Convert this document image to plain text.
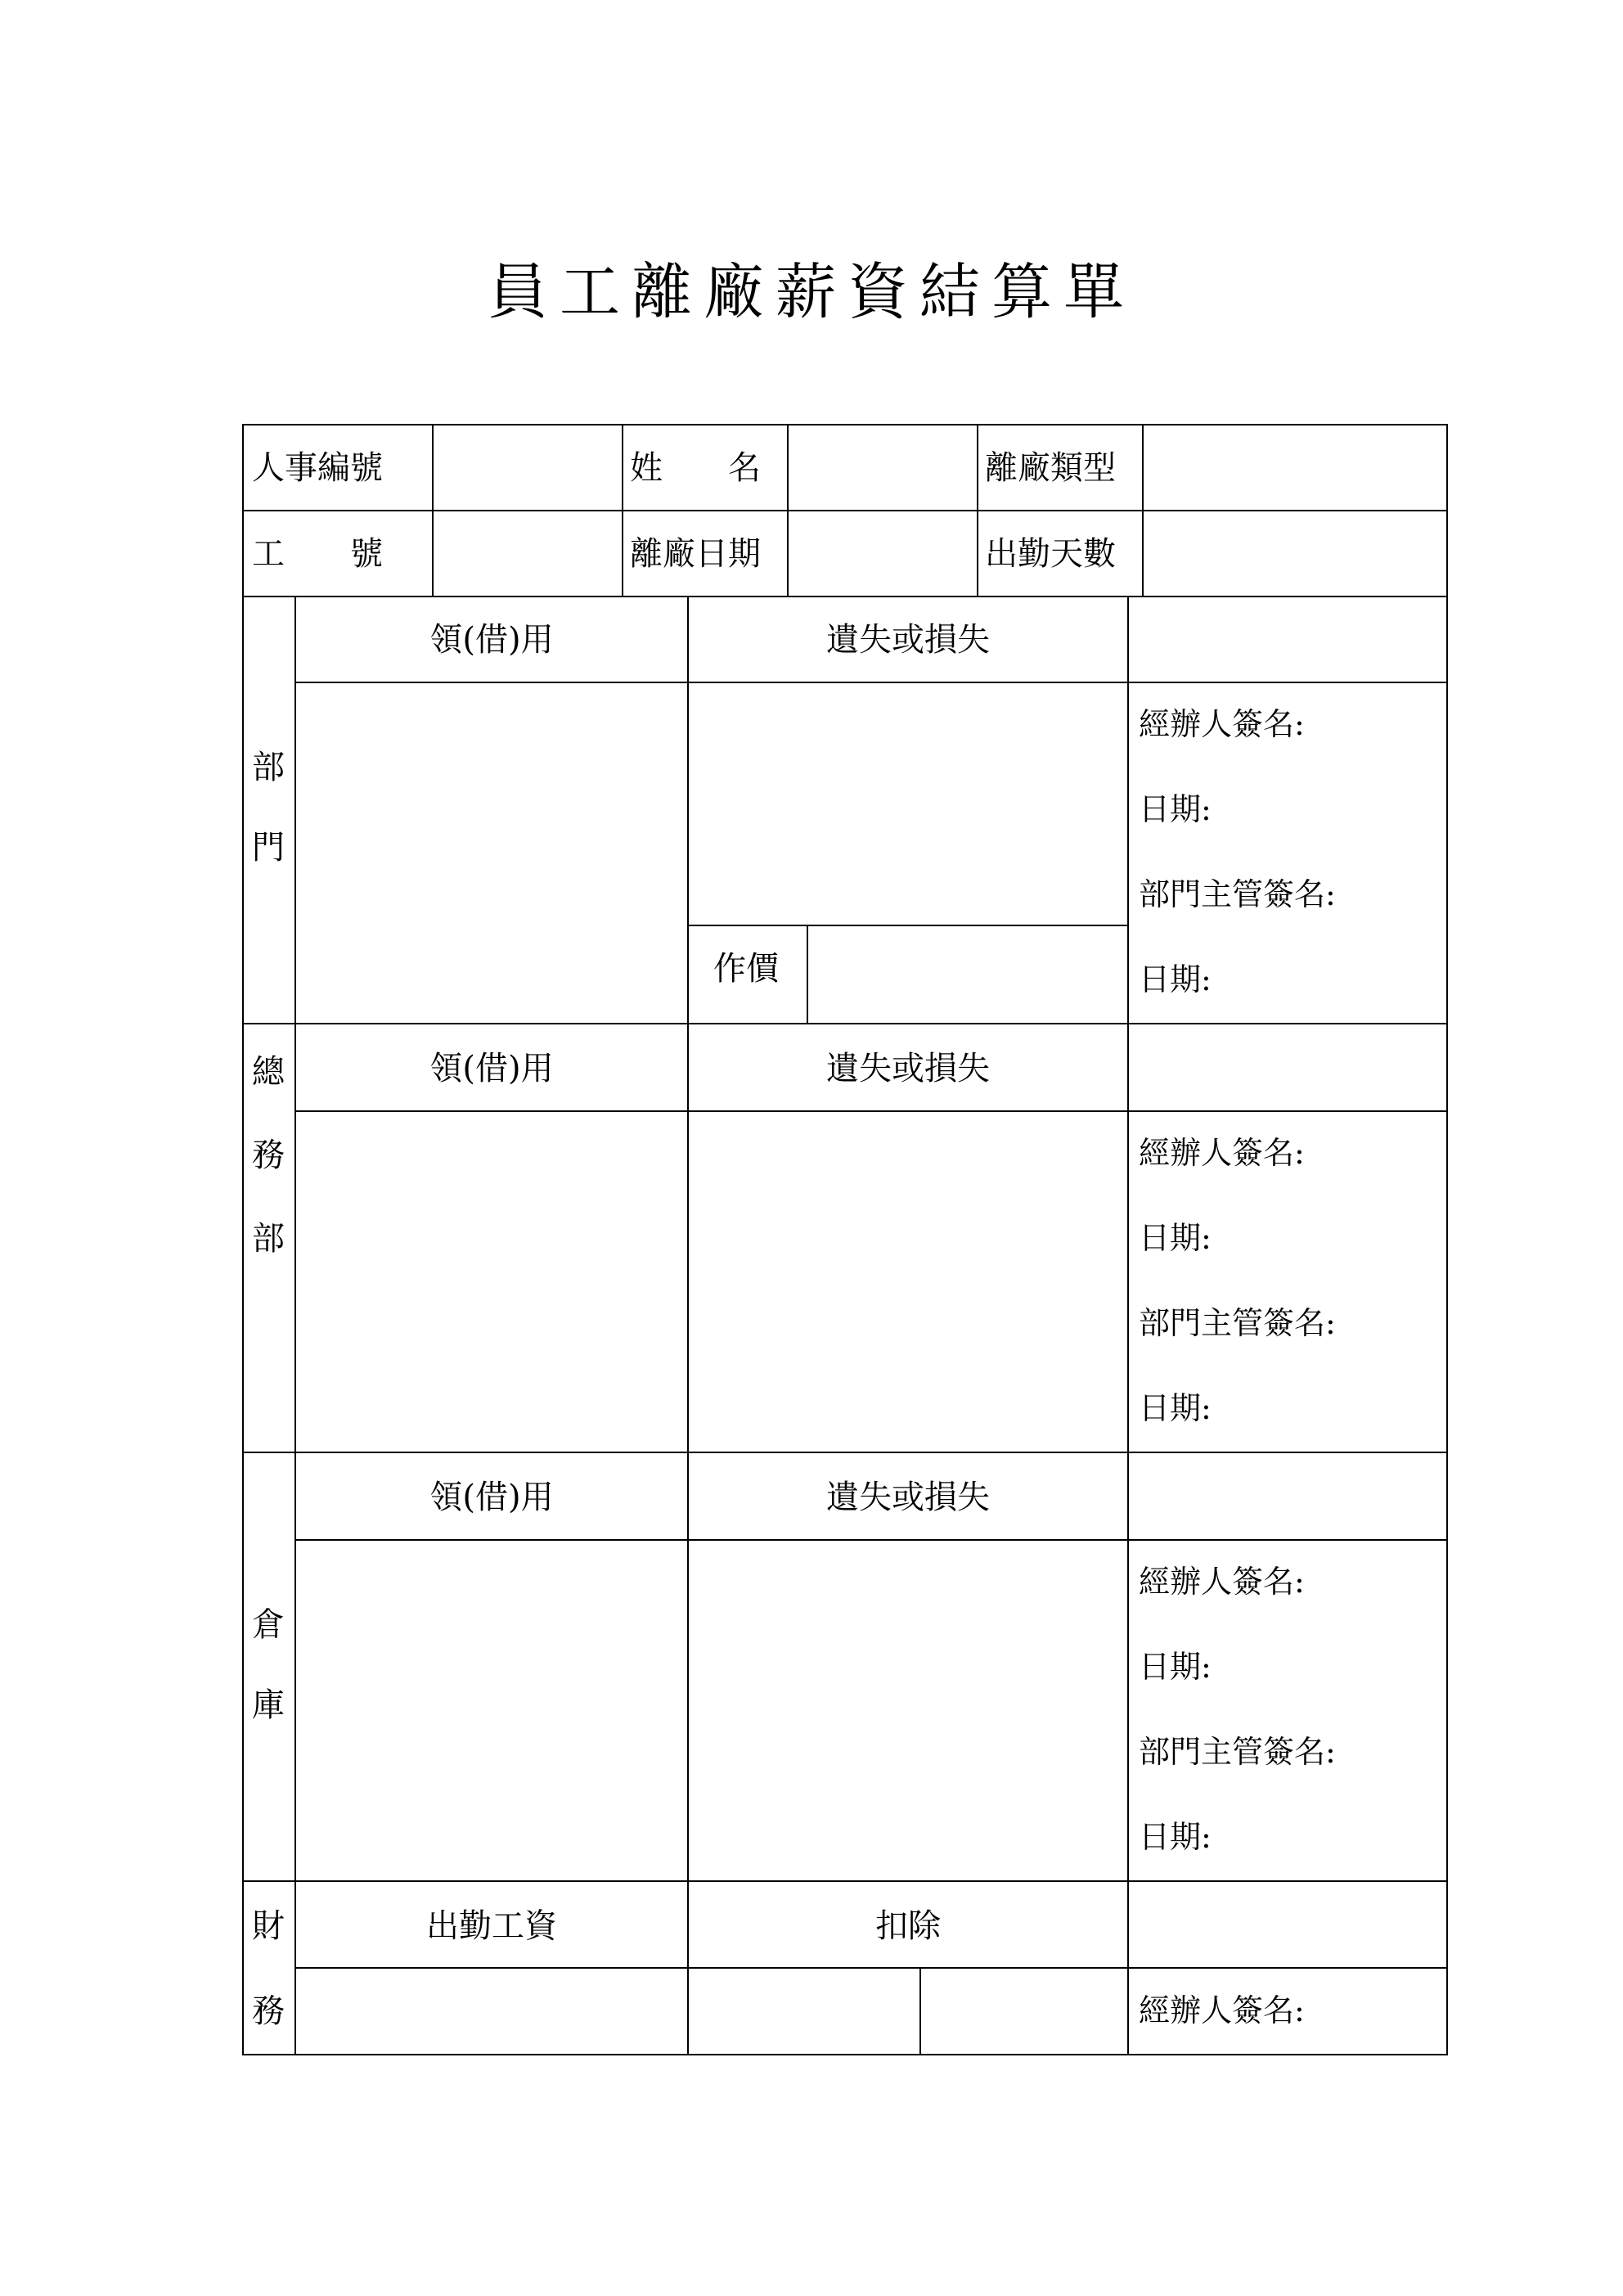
員工離廠薪資結算單
人事編號	姓　　名	離廠類型
工　　號	離廠日期	出勤天數
部
門
領(借)用	遺失或損失
作價
經辦人簽名:
日期:
部門主管簽名:
日期:
總
務
部
領(借)用	遺失或損失
經辦人簽名:
日期:
部門主管簽名:
日期:
倉
庫
領(借)用	遺失或損失
經辦人簽名:
日期:
部門主管簽名:
日期:
財
務
出勤工資	扣除
經辦人簽名:
